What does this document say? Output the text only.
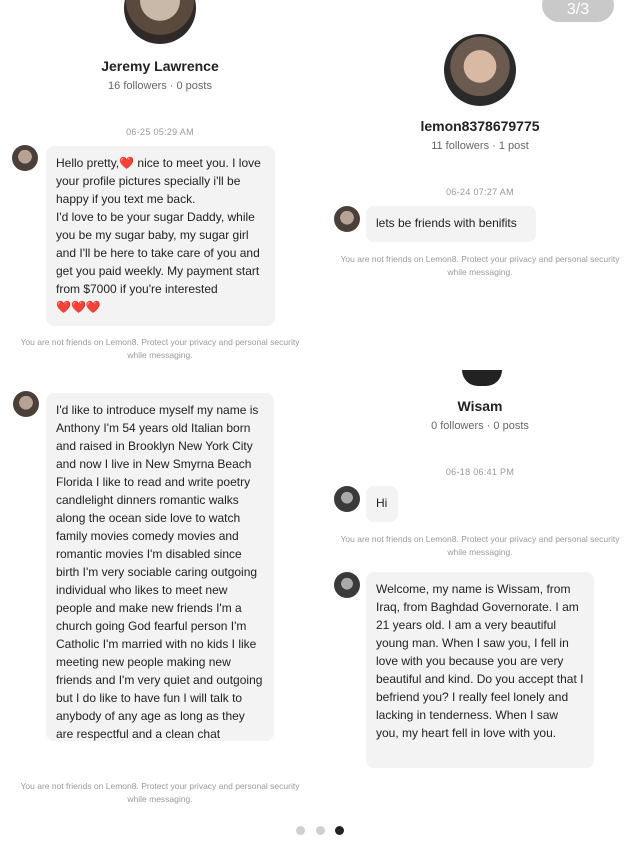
3/3
Jeremy Lawrence
16 followers · 0 posts
06-25 05:29 AM
Hello pretty,❤️ nice to meet you. I love your profile pictures specially i'll be happy if you text me back.
I'd love to be your sugar Daddy, while you be my sugar baby, my sugar girl and I'll be here to take care of you and get you paid weekly. My payment start from $7000 if you're interested
❤️❤️❤️
You are not friends on Lemon8. Protect your privacy and personal security while messaging.
I'd like to introduce myself my name is Anthony I'm 54 years old Italian born and raised in Brooklyn New York City and now I live in New Smyrna Beach Florida I like to read and write poetry candlelight dinners romantic walks along the ocean side love to watch family movies comedy movies and romantic movies I'm disabled since birth I'm very sociable caring outgoing individual who likes to meet new people and make new friends I'm a church going God fearful person I'm Catholic I'm married with no kids I like meeting new people making new friends and I'm very quiet and outgoing but I do like to have fun I will talk to anybody of any age as long as they are respectful and a clean chat
You are not friends on Lemon8. Protect your privacy and personal security while messaging.
lemon8378679775
11 followers · 1 post
06-24 07:27 AM
lets be friends with benifits
You are not friends on Lemon8. Protect your privacy and personal security while messaging.
Wisam
0 followers · 0 posts
06-18 06:41 PM
Hi
You are not friends on Lemon8. Protect your privacy and personal security while messaging.
Welcome, my name is Wissam, from Iraq, from Baghdad Governorate. I am 21 years old. I am a very beautiful young man. When I saw you, I fell in love with you because you are very beautiful and kind. Do you accept that I befriend you? I really feel lonely and lacking in tenderness. When I saw you, my heart fell in love with you.
